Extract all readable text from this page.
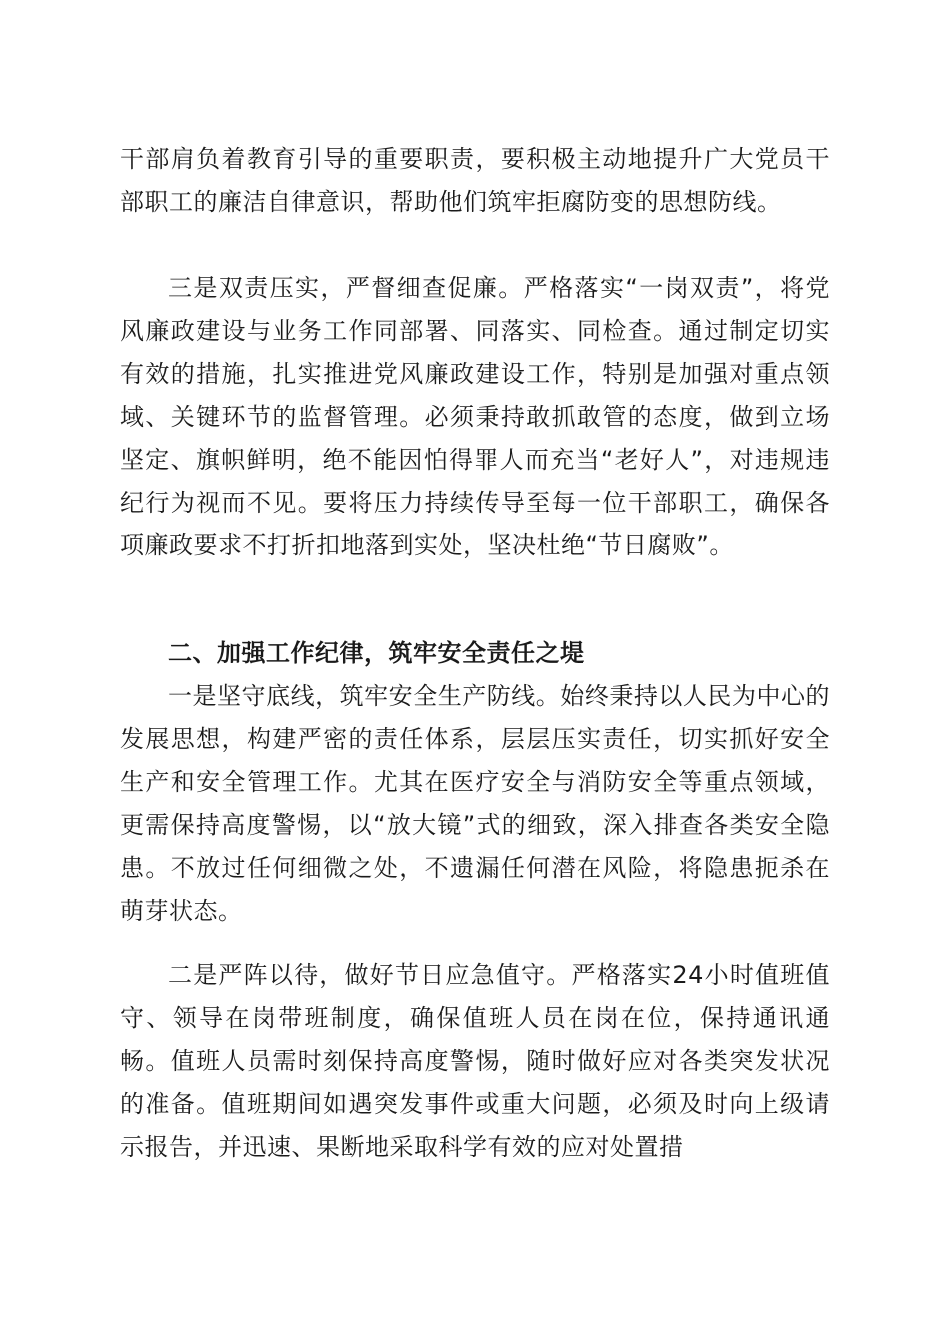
干部肩负着教育引导的重要职责，要积极主动地提升广大党员干部职工的廉洁自律意识，帮助他们筑牢拒腐防变的思想防线。
三是双责压实，严督细查促廉。严格落实“一岗双责”，将党风廉政建设与业务工作同部署、同落实、同检查。通过制定切实有效的措施，扎实推进党风廉政建设工作，特别是加强对重点领域、关键环节的监督管理。必须秉持敢抓敢管的态度，做到立场坚定、旗帜鲜明，绝不能因怕得罪人而充当“老好人”，对违规违纪行为视而不见。要将压力持续传导至每一位干部职工，确保各项廉政要求不打折扣地落到实处，坚决杜绝“节日腐败”。
二、加强工作纪律，筑牢安全责任之堤
一是坚守底线，筑牢安全生产防线。始终秉持以人民为中心的发展思想，构建严密的责任体系，层层压实责任，切实抓好安全生产和安全管理工作。尤其在医疗安全与消防安全等重点领域，更需保持高度警惕，以“放大镜”式的细致，深入排查各类安全隐患。不放过任何细微之处，不遗漏任何潜在风险，将隐患扼杀在萌芽状态。
二是严阵以待，做好节日应急值守。严格落实24小时值班值守、领导在岗带班制度，确保值班人员在岗在位，保持通讯通畅。值班人员需时刻保持高度警惕，随时做好应对各类突发状况的准备。值班期间如遇突发事件或重大问题，必须及时向上级请示报告，并迅速、果断地采取科学有效的应对处置措
